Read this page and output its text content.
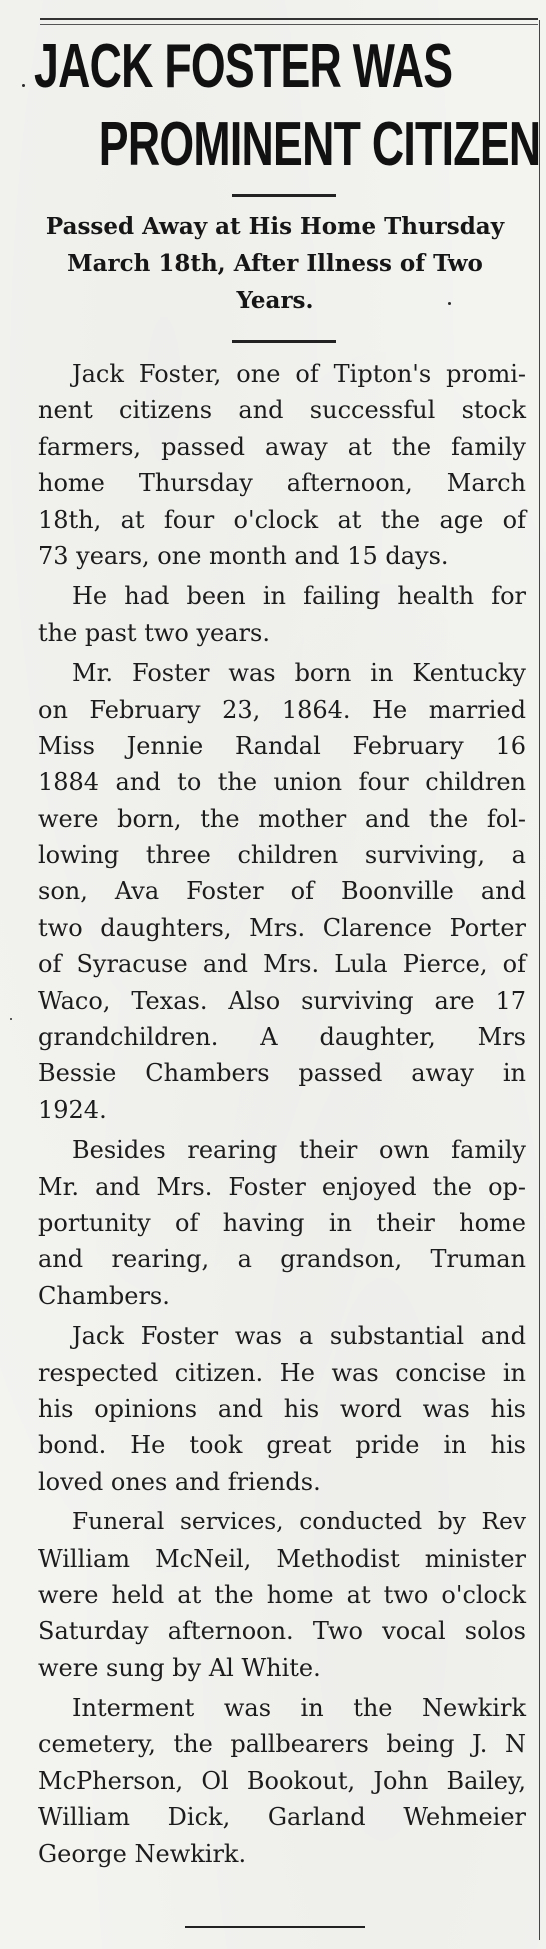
JACK FOSTER WAS
PROMINENT CITIZEN
Passed Away at His Home Thursday
March 18th, After Illness of Two
Years.

Jack Foster, one of Tipton's promi-
nent citizens and successful stock
farmers, passed away at the family
home Thursday afternoon, March
18th, at four o'clock at the age of
73 years, one month and 15 days.

He had been in failing health for
the past two years.

Mr. Foster was born in Kentucky
on February 23, 1864. He married
Miss Jennie Randal February 16
1884 and to the union four children
were born, the mother and the fol-
lowing three children surviving, a
son, Ava Foster of Boonville and
two daughters, Mrs. Clarence Porter
of Syracuse and Mrs. Lula Pierce, of
Waco, Texas. Also surviving are 17
grandchildren. A daughter, Mrs
Bessie Chambers passed away in
1924.

Besides rearing their own family
Mr. and Mrs. Foster enjoyed the op-
portunity of having in their home
and rearing, a grandson, Truman
Chambers.

Jack Foster was a substantial and
respected citizen. He was concise in
his opinions and his word was his
bond. He took great pride in his
loved ones and friends.

Funeral services, conducted by Rev
William McNeil, Methodist minister
were held at the home at two o'clock
Saturday afternoon. Two vocal solos
were sung by Al White.

Interment was in the Newkirk
cemetery, the pallbearers being J. N
McPherson, Ol Bookout, John Bailey,
William Dick, Garland Wehmeier
George Newkirk.
